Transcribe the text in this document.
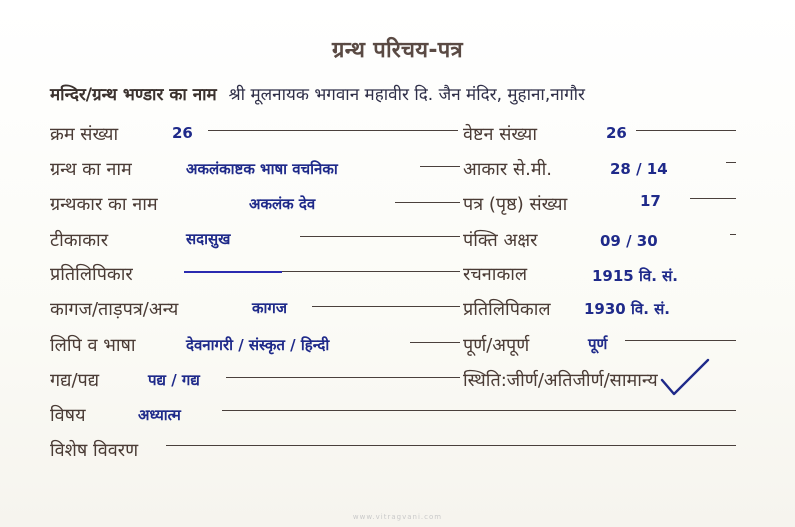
ग्रन्थ परिचय-पत्र
मन्दिर/ग्रन्थ भण्डार का नाम श्री मूलनायक भगवान महावीर दि. जैन मंदिर, मुहाना,नागौर
क्रम संख्या	26
ग्रन्थ का नाम	अकलंकाष्टक भाषा वचनिका
ग्रन्थकार का नाम	अकलंक देव
टीकाकार	सदासुख
प्रतिलिपिकार
कागज/ताड़पत्र/अन्य	कागज
लिपि व भाषा	देवनागरी / संस्कृत / हिन्दी
गद्य/पद्य	पद्य / गद्य
वेष्टन संख्या	26
आकार से.मी.	28 / 14
पत्र (पृष्ठ) संख्या	17
पंक्ति अक्षर	09 / 30
रचनाकाल	1915 वि. सं.
प्रतिलिपिकाल 1930 वि. सं.
पूर्ण/अपूर्ण	पूर्ण
स्थिति:जीर्ण/अतिजीर्ण/सामान्य
विषय	अध्यात्म
विशेष विवरण
www.vitragvani.com
